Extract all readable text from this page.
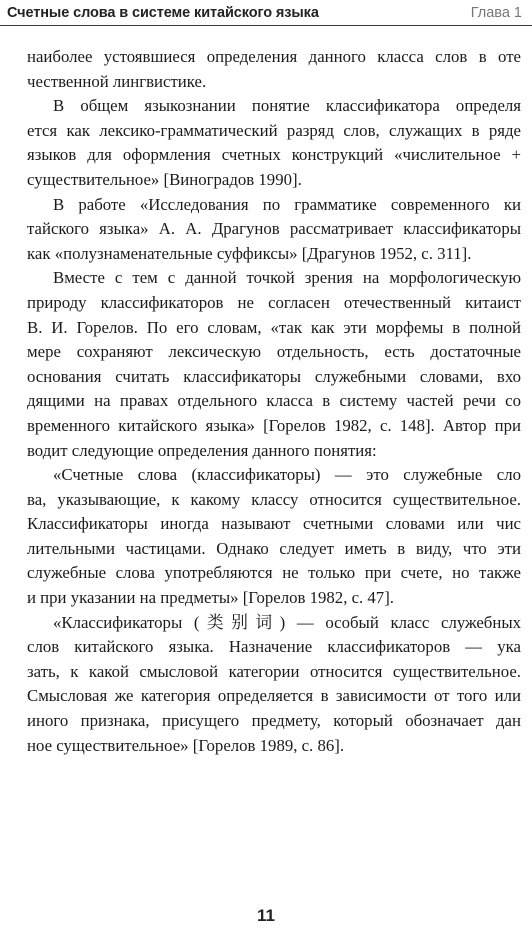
Счетные слова в системе китайского языка	Глава 1
наиболее устоявшиеся определения данного класса слов в оте
чественной лингвистике.
В общем языкознании понятие классификатора определя
ется как лексико-грамматический разряд слов, служащих в ряде
языков для оформления счетных конструкций «числительное +
существительное» [Виноградов 1990].
В работе «Исследования по грамматике современного ки
тайского языка» А. А. Драгунов рассматривает классификаторы
как «полузнаменательные суффиксы» [Драгунов 1952, с. 311].
Вместе с тем с данной точкой зрения на морфологическую
природу классификаторов не согласен отечественный китаист
В. И. Горелов. По его словам, «так как эти морфемы в полной
мере сохраняют лексическую отдельность, есть достаточные
основания считать классификаторы служебными словами, вхо
дящими на правах отдельного класса в систему частей речи со
временного китайского языка» [Горелов 1982, с. 148]. Автор при
водит следующие определения данного понятия:
«Счетные слова (классификаторы) — это служебные сло
ва, указывающие, к какому классу относится существительное.
Классификаторы иногда называют счетными словами или чис
лительными частицами. Однако следует иметь в виду, что эти
служебные слова употребляются не только при счете, но также
и при указании на предметы» [Горелов 1982, с. 47].
«Классификаторы (类别词) — особый класс служебных
слов китайского языка. Назначение классификаторов — ука
зать, к какой смысловой категории относится существительное.
Смысловая же категория определяется в зависимости от того или
иного признака, присущего предмету, который обозначает дан
ное существительное» [Горелов 1989, с. 86].
11
